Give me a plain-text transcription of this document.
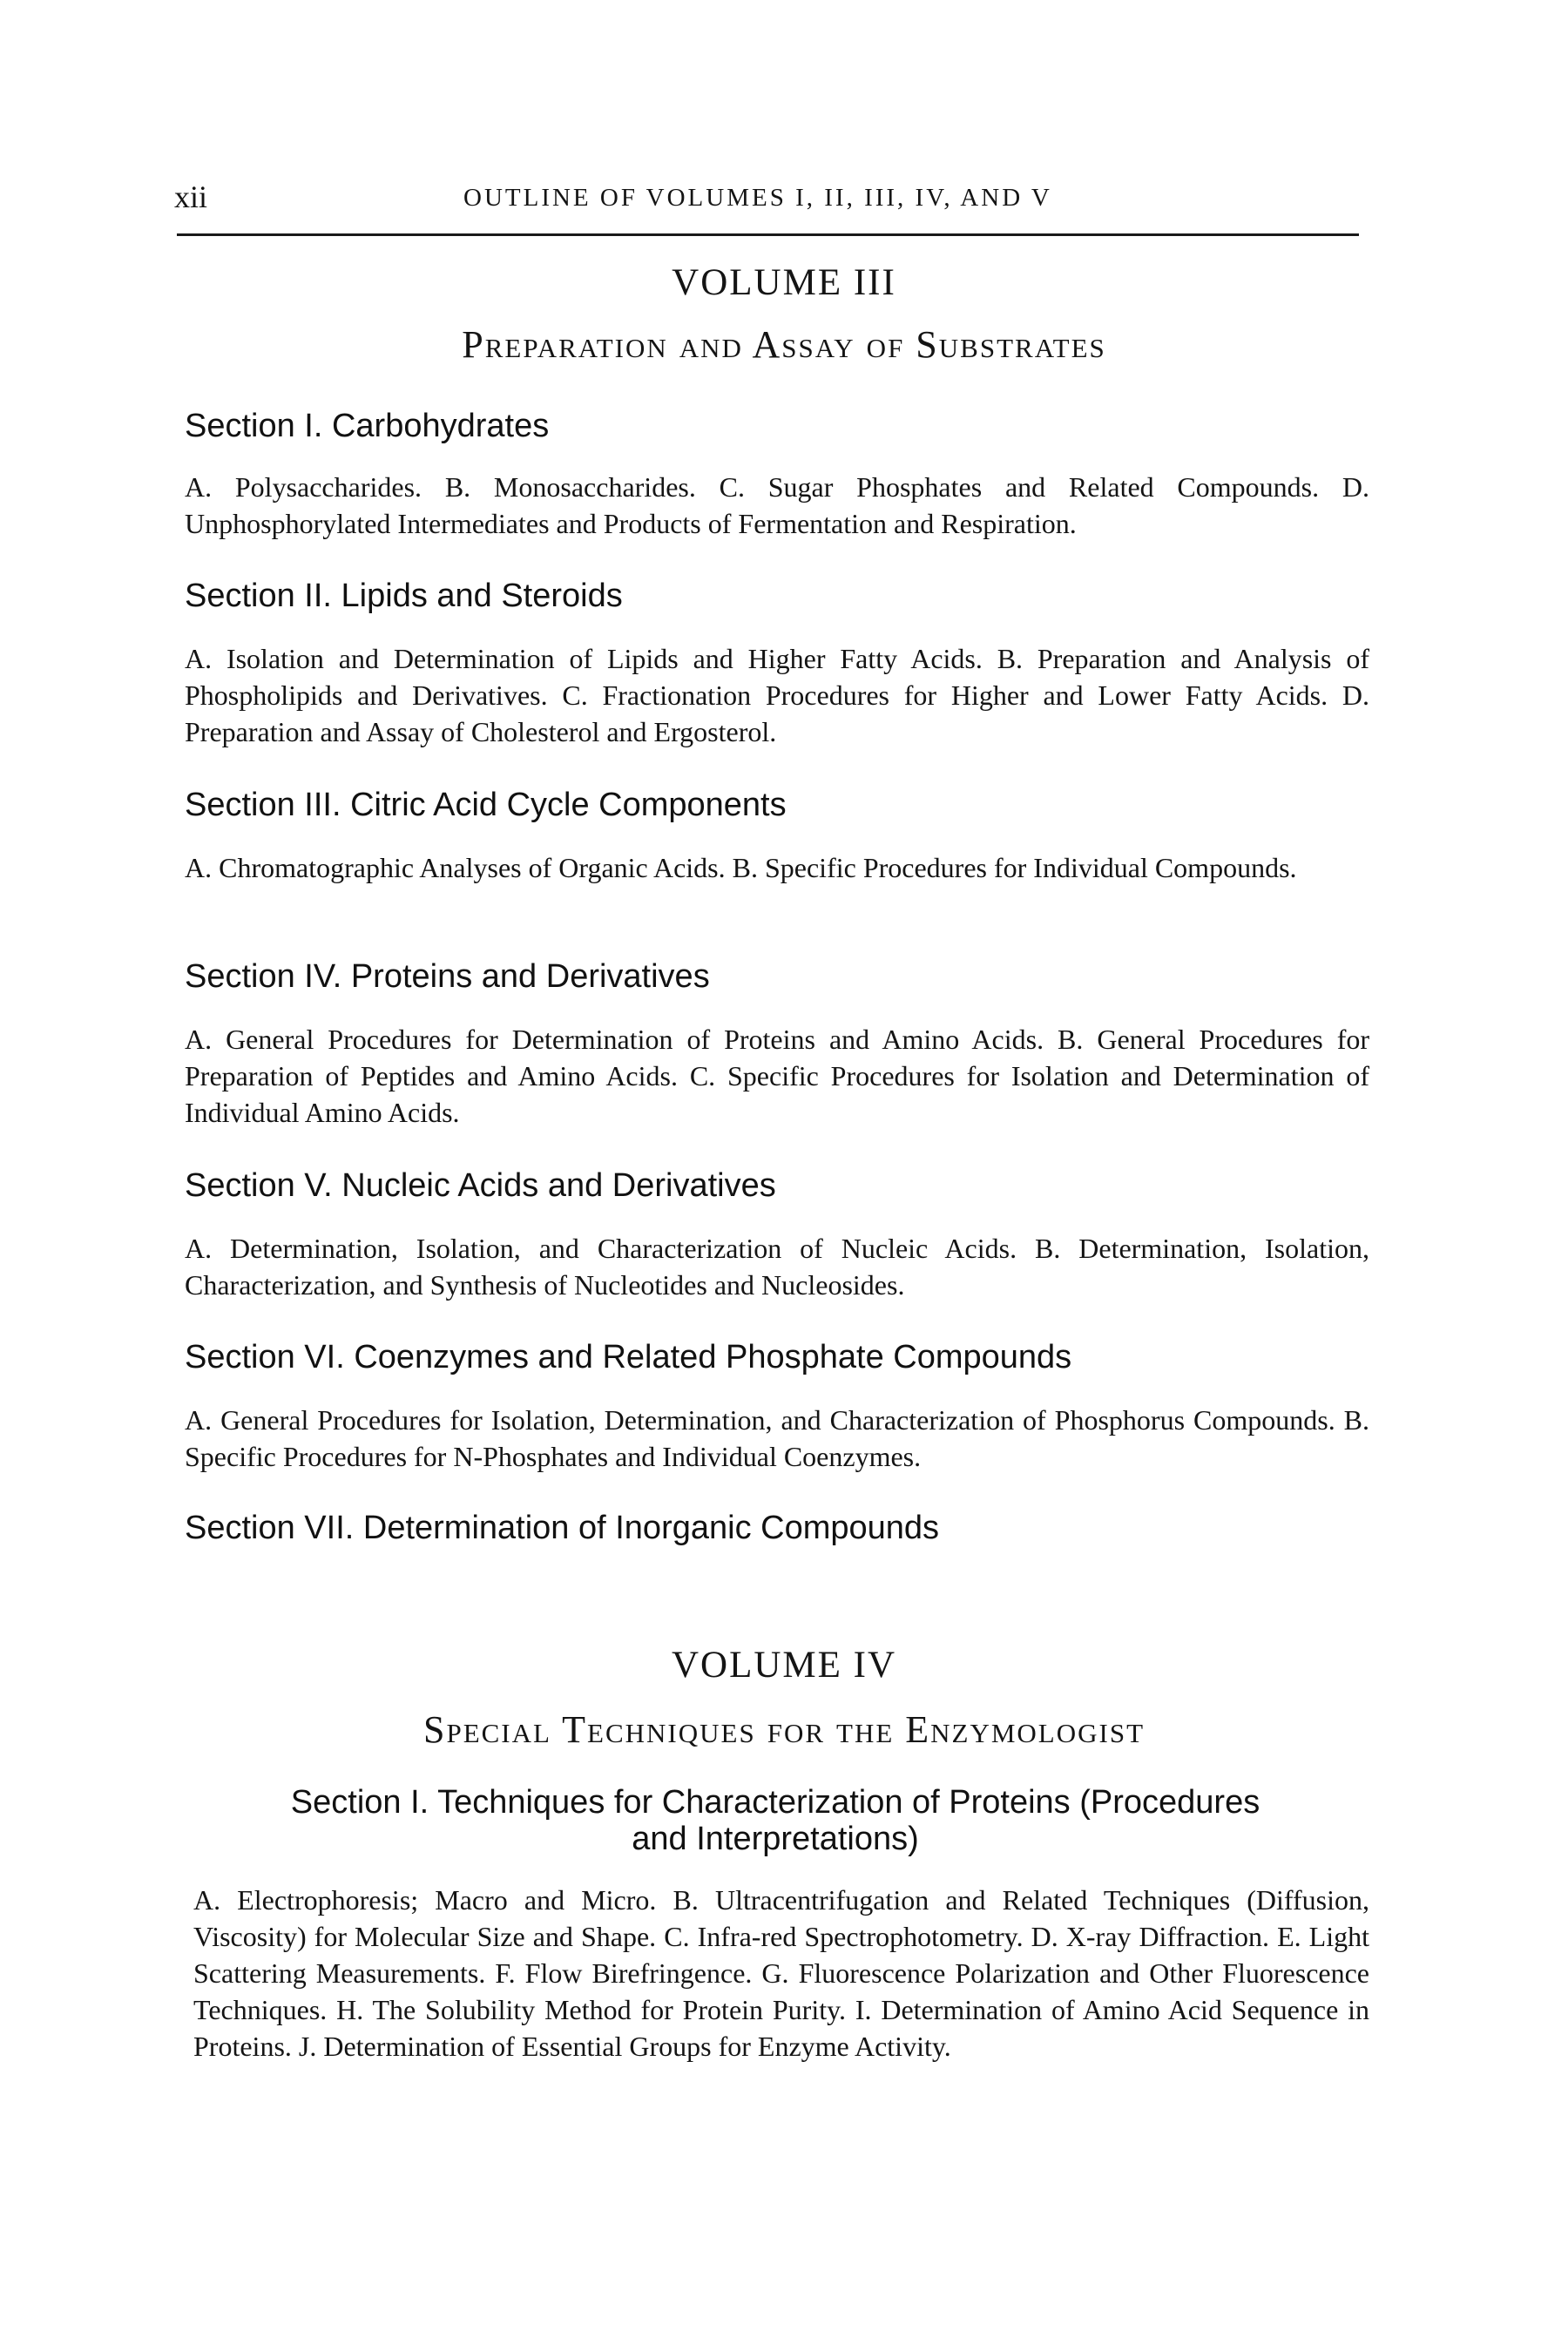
xii	OUTLINE OF VOLUMES I, II, III, IV, AND V
VOLUME III
Preparation and Assay of Substrates
Section I. Carbohydrates
A. Polysaccharides. B. Monosaccharides. C. Sugar Phosphates and Related Compounds. D. Unphosphorylated Intermediates and Products of Fermentation and Respiration.
Section II. Lipids and Steroids
A. Isolation and Determination of Lipids and Higher Fatty Acids. B. Preparation and Analysis of Phospholipids and Derivatives. C. Fractionation Procedures for Higher and Lower Fatty Acids. D. Preparation and Assay of Cholesterol and Ergosterol.
Section III. Citric Acid Cycle Components
A. Chromatographic Analyses of Organic Acids. B. Specific Procedures for Individual Compounds.
Section IV. Proteins and Derivatives
A. General Procedures for Determination of Proteins and Amino Acids. B. General Procedures for Preparation of Peptides and Amino Acids. C. Specific Procedures for Isolation and Determination of Individual Amino Acids.
Section V. Nucleic Acids and Derivatives
A. Determination, Isolation, and Characterization of Nucleic Acids. B. Determination, Isolation, Characterization, and Synthesis of Nucleotides and Nucleosides.
Section VI. Coenzymes and Related Phosphate Compounds
A. General Procedures for Isolation, Determination, and Characterization of Phosphorus Compounds. B. Specific Procedures for N-Phosphates and Individual Coenzymes.
Section VII. Determination of Inorganic Compounds
VOLUME IV
Special Techniques for the Enzymologist
Section I. Techniques for Characterization of Proteins (Procedures
and Interpretations)
A. Electrophoresis; Macro and Micro. B. Ultracentrifugation and Related Techniques (Diffusion, Viscosity) for Molecular Size and Shape. C. Infra-red Spectrophotometry. D. X-ray Diffraction. E. Light Scattering Measurements. F. Flow Birefringence. G. Fluorescence Polarization and Other Fluorescence Techniques. H. The Solubility Method for Protein Purity. I. Determination of Amino Acid Sequence in Proteins. J. Determination of Essential Groups for Enzyme Activity.
